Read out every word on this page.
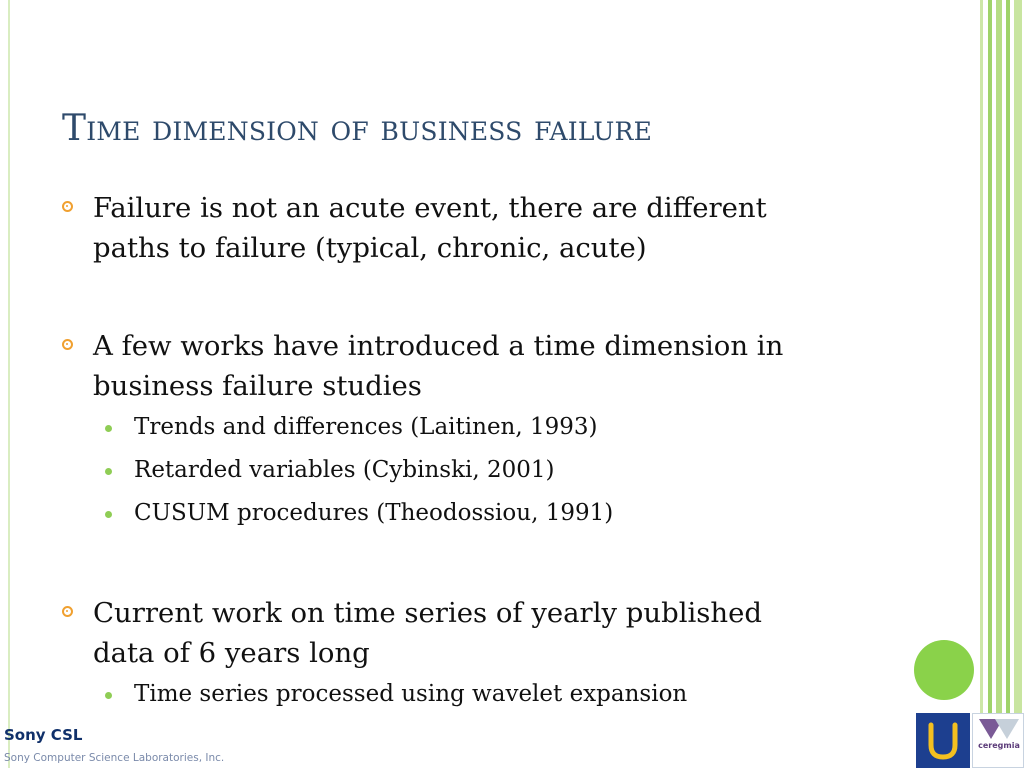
Time dimension of business failure
Failure is not an acute event, there are different
paths to failure (typical, chronic, acute)
A few works have introduced a time dimension in
business failure studies
Trends and differences (Laitinen, 1993)
Retarded variables (Cybinski, 2001)
CUSUM procedures (Theodossiou, 1991)
Current work on time series of yearly published
data of 6 years long
Time series processed using wavelet expansion
Sony CSL
Sony Computer Science Laboratories, Inc.
ceregmia
